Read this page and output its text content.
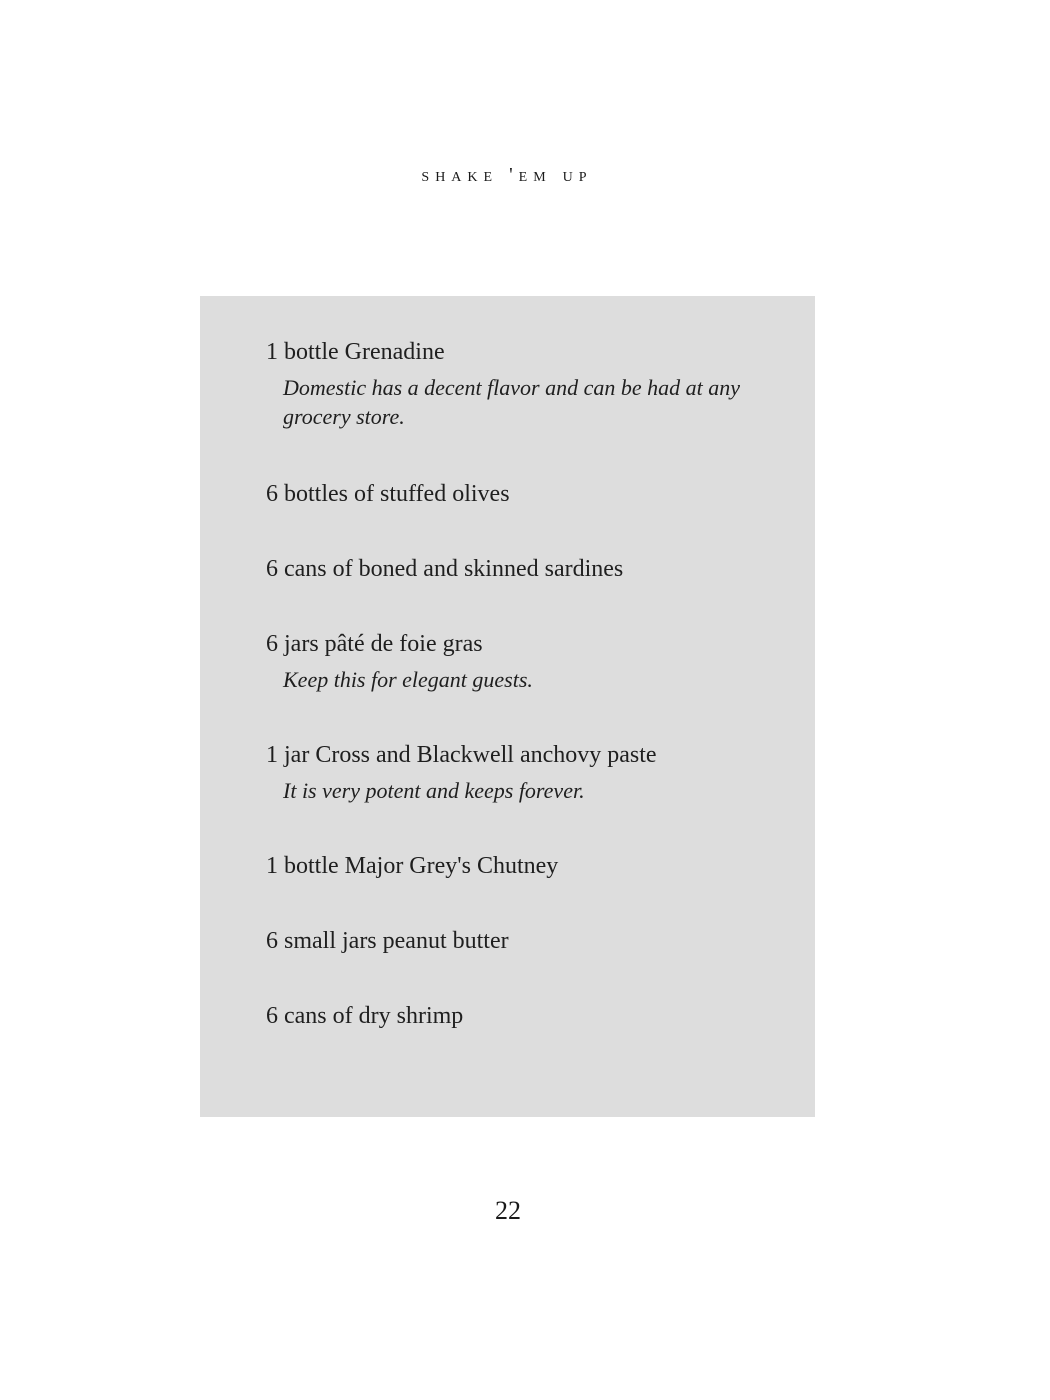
shake 'em up
1 bottle Grenadine
Domestic has a decent flavor and can be had at any grocery store.
6 bottles of stuffed olives
6 cans of boned and skinned sardines
6 jars pâté de foie gras
Keep this for elegant guests.
1 jar Cross and Blackwell anchovy paste
It is very potent and keeps forever.
1 bottle Major Grey's Chutney
6 small jars peanut butter
6 cans of dry shrimp
22
